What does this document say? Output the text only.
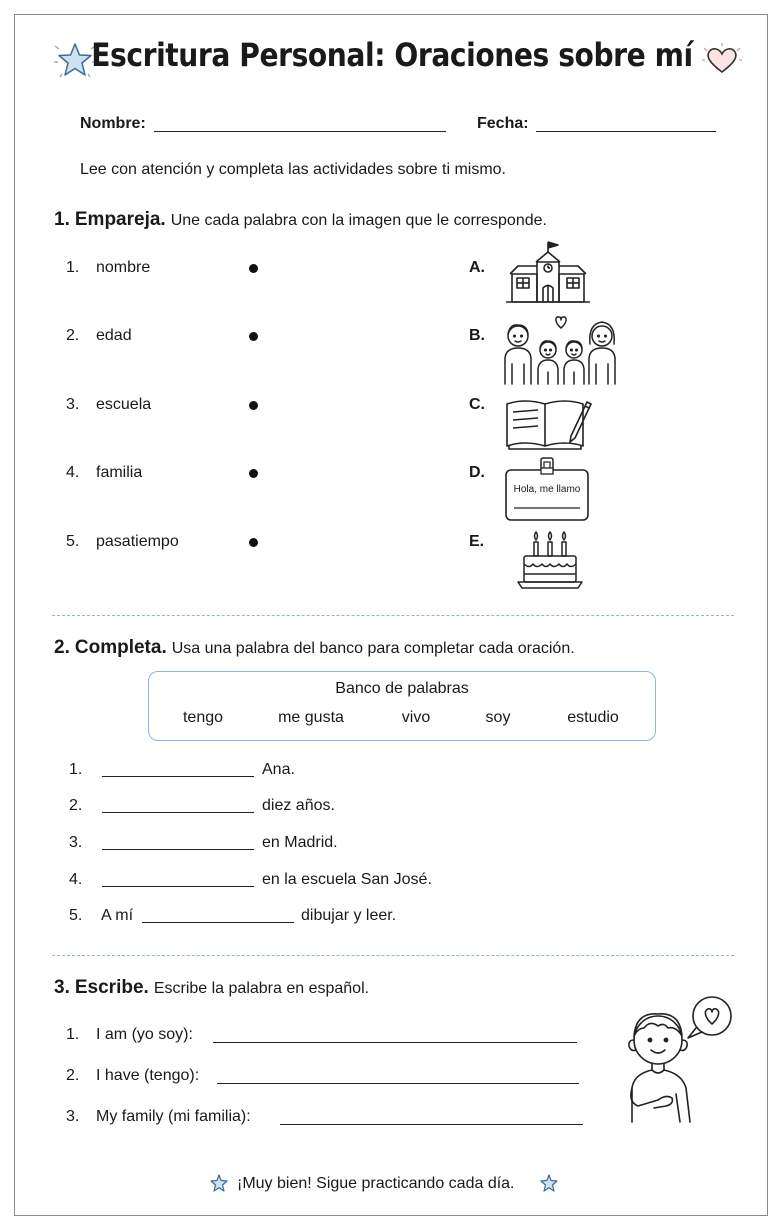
Escritura Personal: Oraciones sobre mí
Nombre:	Fecha:
Lee con atención y completa las actividades sobre ti mismo.
1. Empareja. Une cada palabra con la imagen que le corresponde.
1. nombre
2. edad
3. escuela
4. familia
5. pasatiempo
A.
B.
C.
D.
E.
Hola, me llamo
2. Completa. Usa una palabra del banco para completar cada oración.
Banco de palabras
tengo	me gusta	vivo	soy	estudio
1.	Ana.
2.	diez años.
3.	en Madrid.
4.	en la escuela San José.
5. A mí	dibujar y leer.
3. Escribe. Escribe la palabra en español.
1. I am (yo soy):
2. I have (tengo):
3. My family (mi familia):
¡Muy bien! Sigue practicando cada día.
